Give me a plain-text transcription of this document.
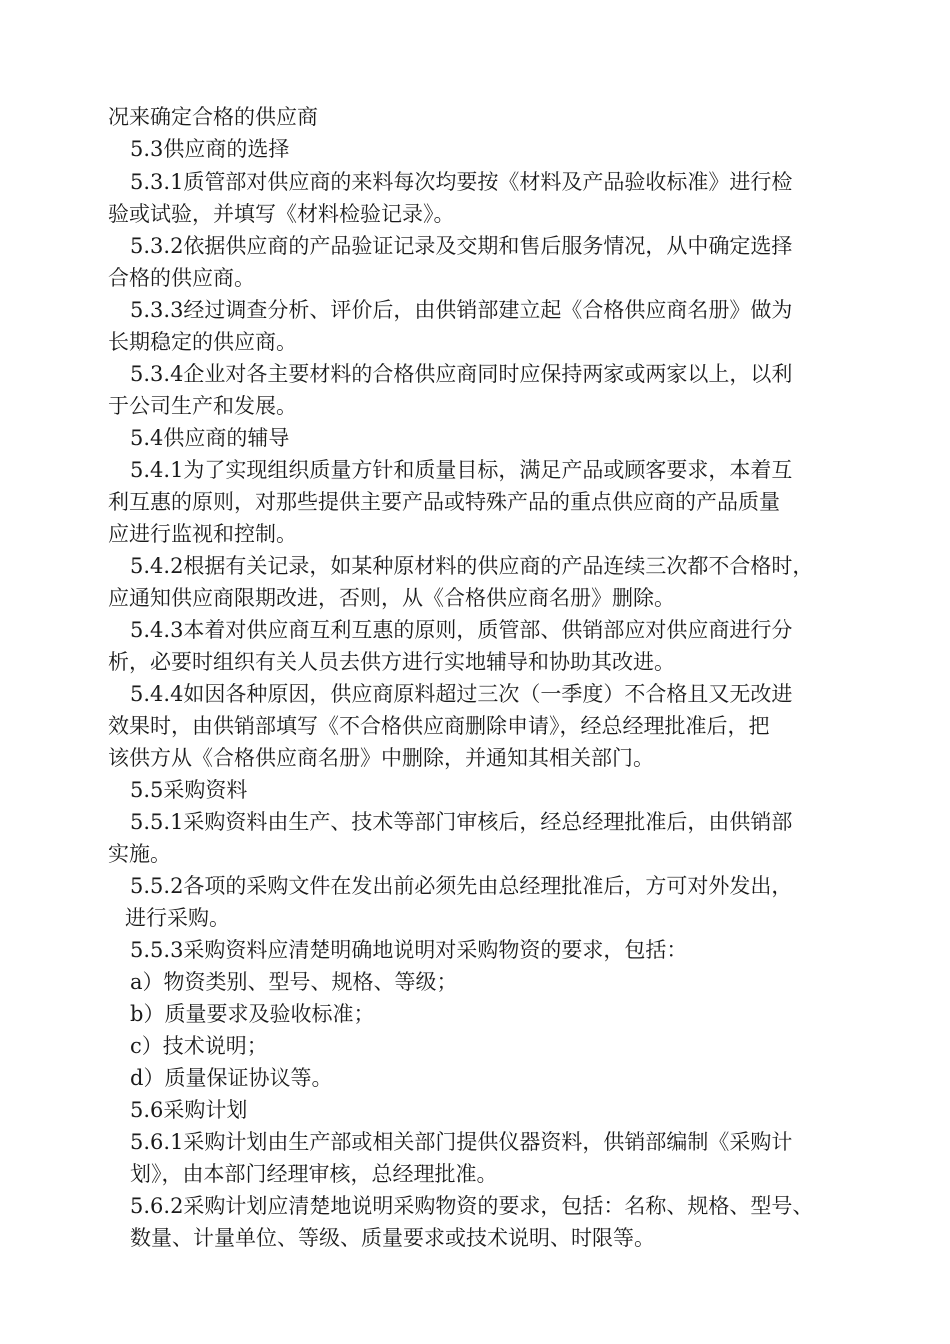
况来确定合格的供应商
5.3供应商的选择
5.3.1质管部对供应商的来料每次均要按《材料及产品验收标准》进行检
验或试验，并填写《材料检验记录》。
5.3.2依据供应商的产品验证记录及交期和售后服务情况，从中确定选择
合格的供应商。
5.3.3经过调查分析、评价后，由供销部建立起《合格供应商名册》做为
长期稳定的供应商。
5.3.4企业对各主要材料的合格供应商同时应保持两家或两家以上，以利
于公司生产和发展。
5.4供应商的辅导
5.4.1为了实现组织质量方针和质量目标，满足产品或顾客要求，本着互
利互惠的原则，对那些提供主要产品或特殊产品的重点供应商的产品质量
应进行监视和控制。
5.4.2根据有关记录，如某种原材料的供应商的产品连续三次都不合格时，
应通知供应商限期改进，否则，从《合格供应商名册》删除。
5.4.3本着对供应商互利互惠的原则，质管部、供销部应对供应商进行分
析，必要时组织有关人员去供方进行实地辅导和协助其改进。
5.4.4如因各种原因，供应商原料超过三次（一季度）不合格且又无改进
效果时，由供销部填写《不合格供应商删除申请》，经总经理批准后，把
该供方从《合格供应商名册》中删除，并通知其相关部门。
5.5采购资料
5.5.1采购资料由生产、技术等部门审核后，经总经理批准后，由供销部
实施。
5.5.2各项的采购文件在发出前必须先由总经理批准后，方可对外发出，
进行采购。
5.5.3采购资料应清楚明确地说明对采购物资的要求，包括：
a）物资类别、型号、规格、等级；
b）质量要求及验收标准；
c）技术说明；
d）质量保证协议等。
5.6采购计划
5.6.1采购计划由生产部或相关部门提供仪器资料，供销部编制《采购计
划》，由本部门经理审核，总经理批准。
5.6.2采购计划应清楚地说明采购物资的要求，包括：名称、规格、型号、
数量、计量单位、等级、质量要求或技术说明、时限等。
